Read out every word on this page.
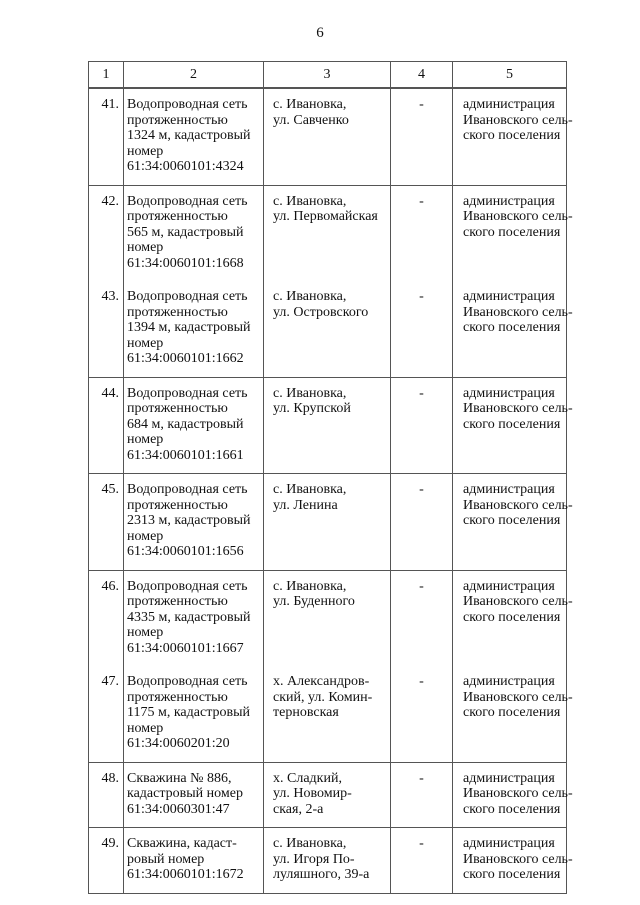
6
1	2	3	4	5
41.	Водопроводная сеть
протяженностью
1324 м, кадастровый
номер
61:34:0060101:4324	с. Ивановка,
ул. Савченко	-	администрация
Ивановского сель-
ского поселения

42.	Водопроводная сеть
протяженностью
565 м, кадастровый
номер
61:34:0060101:1668	с. Ивановка,
ул. Первомайская	-	администрация
Ивановского сель-
ского поселения

43.	Водопроводная сеть
протяженностью
1394 м, кадастровый
номер
61:34:0060101:1662	с. Ивановка,
ул. Островского	-	администрация
Ивановского сель-
ского поселения

44.	Водопроводная сеть
протяженностью
684 м, кадастровый
номер
61:34:0060101:1661	с. Ивановка,
ул. Крупской	-	администрация
Ивановского сель-
ского поселения

45.	Водопроводная сеть
протяженностью
2313 м, кадастровый
номер
61:34:0060101:1656	с. Ивановка,
ул. Ленина	-	администрация
Ивановского сель-
ского поселения

46.	Водопроводная сеть
протяженностью
4335 м, кадастровый
номер
61:34:0060101:1667	с. Ивановка,
ул. Буденного	-	администрация
Ивановского сель-
ского поселения

47.	Водопроводная сеть
протяженностью
1175 м, кадастровый
номер
61:34:0060201:20	х. Александров-
ский, ул. Комин-
терновская	-	администрация
Ивановского сель-
ского поселения

48.	Скважина № 886,
кадастровый номер
61:34:0060301:47	х. Сладкий,
ул. Новомир-
ская, 2-а	-	администрация
Ивановского сель-
ского поселения

49.	Скважина, кадаст-
ровый номер
61:34:0060101:1672	с. Ивановка,
ул. Игоря По-
луляшного, 39-а	-	администрация
Ивановского сель-
ского поселения
